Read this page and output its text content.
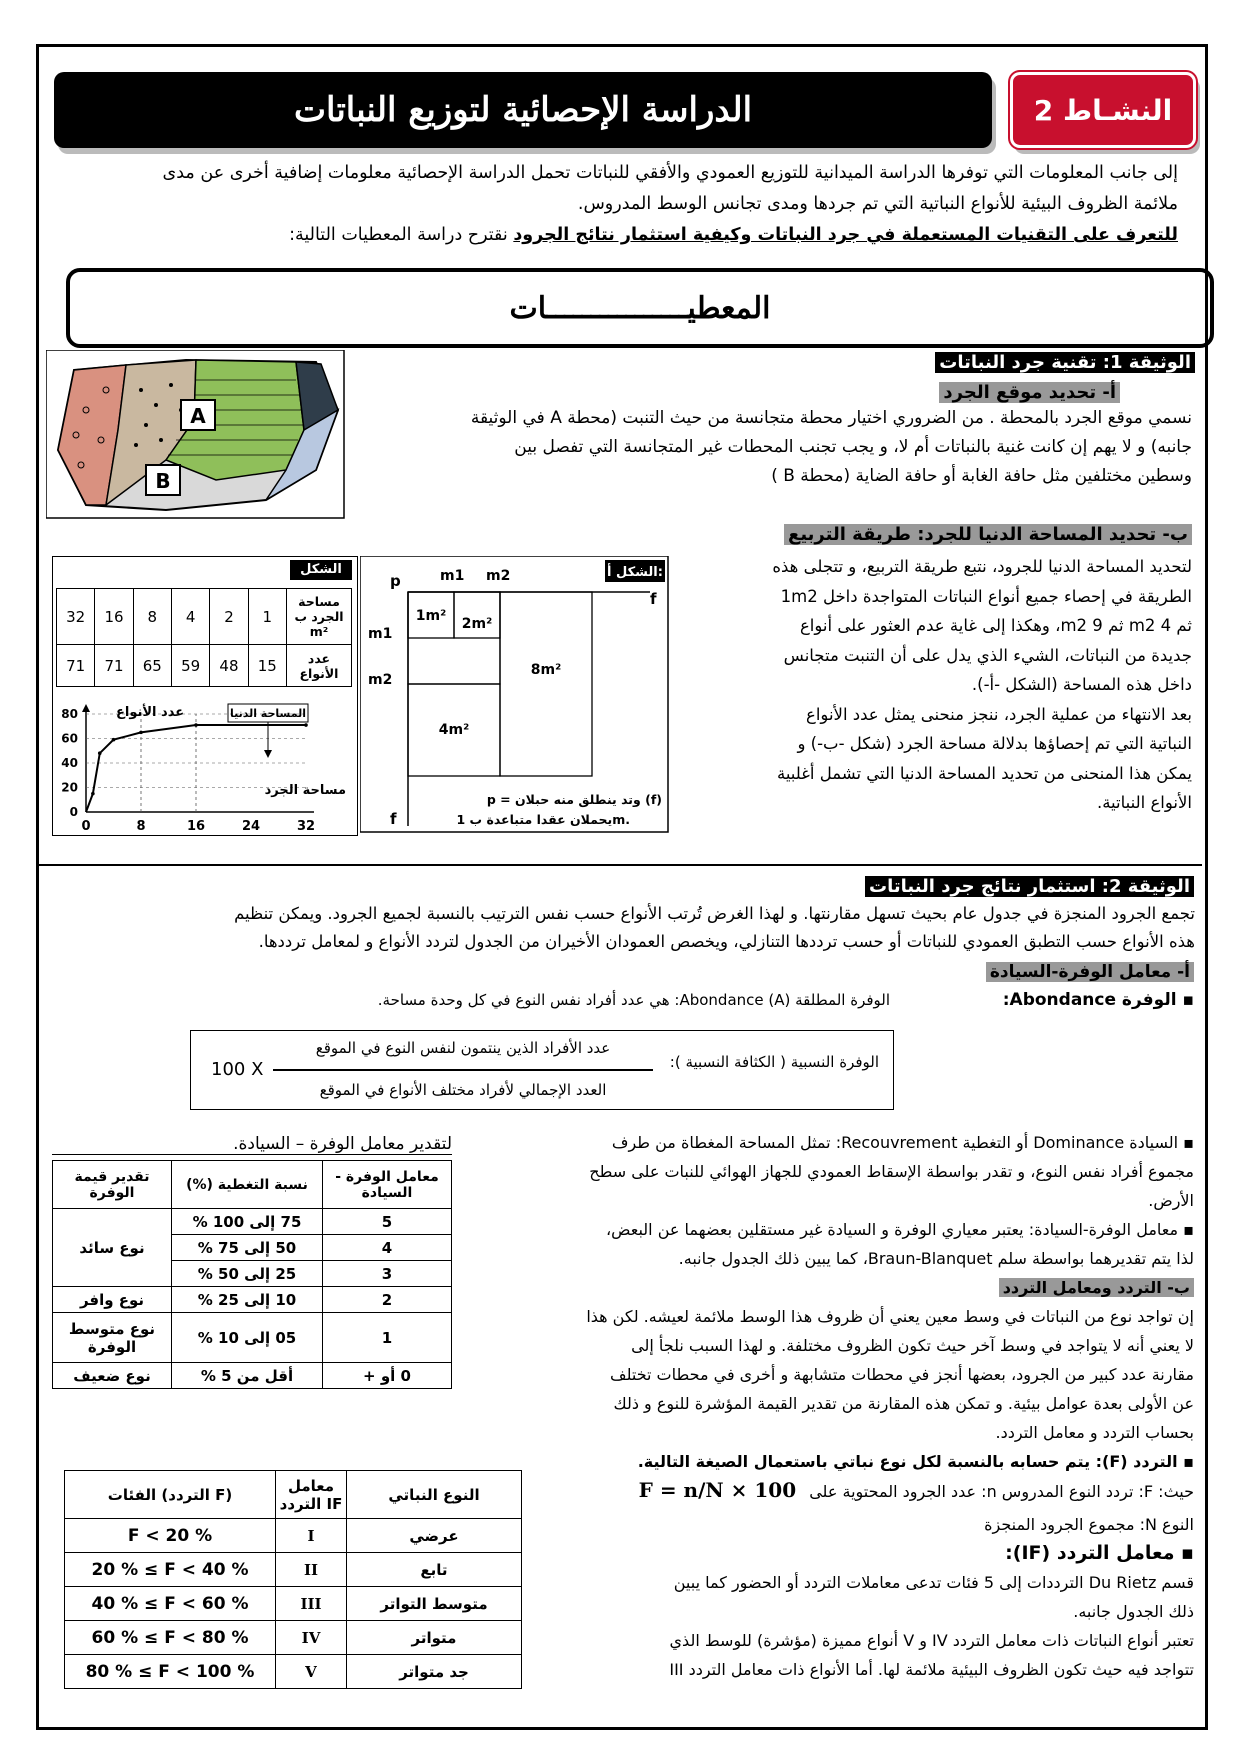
النشـاط 2
الدراسة الإحصائية لتوزيع النباتات
إلى جانب المعلومات التي توفرها الدراسة الميدانية للتوزيع العمودي والأفقي للنباتات تحمل الدراسة الإحصائية معلومات إضافية أخرى عن مدى
ملائمة الظروف البيئية للأنواع النباتية التي تم جردها ومدى تجانس الوسط المدروس.
للتعرف على التقنيات المستعملة في جرد النباتات وكيفية استثمار نتائج الجرود نقترح دراسة المعطيات التالية:
المعطيــــــــــــــــات
الوثيقة 1: تقنية جرد النباتات
أ- تحديد موقع الجرد
A
B
نسمي موقع الجرد بالمحطة . من الضروري اختيار محطة متجانسة من حيث التنبت (محطة A في الوثيقة
جانبه) و لا يهم إن كانت غنية بالنباتات أم لا، و يجب تجنب المحطات غير المتجانسة التي تفصل بين
وسطين مختلفين مثل حافة الغابة أو حافة الضاية (محطة B )
ب- تحديد المساحة الدنيا للجرد: طريقة التربيع
لتحديد المساحة الدنيا للجرود، نتبع طريقة التربيع، و تتجلى هذه
الطريقة في إحصاء جميع أنواع النباتات المتواجدة داخل 1m2
ثم 4 m2 ثم m2 9، وهكذا إلى غاية عدم العثور على أنواع
جديدة من النباتات، الشيء الذي يدل على أن التنبت متجانس
داخل هذه المساحة (الشكل -أ-).
بعد الانتهاء من عملية الجرد، ننجز منحنى يمثل عدد الأنواع
النباتية التي تم إحصاؤها بدلالة مساحة الجرد (شكل -ب-) و
يمكن هذا المنحنى من تحديد المساحة الدنيا التي تشمل أغلبية
الأنواع النباتية.
الشكل أ:
p
f
f
m1 m2
m1
m2
1m² 2m²
4m²
8m²
p = وتد ينطلق منه حبلان (f)
يحملان عقدا متباعدة ب 1m.
الشكل ب:
32	16	8	4	2	1	مساحة الجرد ب m²
71	71	65	59	48	15	عدد الأنواع
0	8	16	24	32
0
20
40
60
80	عدد الأنواع	المساحة الدنيا
مساحة الجرد
الوثيقة 2: استثمار نتائج جرد النباتات
تجمع الجرود المنجزة في جدول عام بحيث تسهل مقارنتها. و لهذا الغرض تُرتب الأنواع حسب نفس الترتيب بالنسبة لجميع الجرود. ويمكن تنظيم
هذه الأنواع حسب التطبق العمودي للنباتات أو حسب ترددها التنازلي، ويخصص العمودان الأخيران من الجدول لتردد الأنواع و لمعامل ترددها.
أ- معامل الوفرة-السيادة
▪ الوفرة Abondance:
الوفرة المطلقة Abondance (A): هي عدد أفراد نفس النوع في كل وحدة مساحة.
الوفرة النسبية ( الكثافة النسبية ):
عدد الأفراد الذين ينتمون لنفس النوع في الموقع
العدد الإجمالي لأفراد مختلف الأنواع في الموقع
100 X
▪ السيادة Dominance أو التغطية Recouvrement: تمثل المساحة المغطاة من طرف
مجموع أفراد نفس النوع، و تقدر بواسطة الإسقاط العمودي للجهاز الهوائي للنبات على سطح
الأرض.
▪ معامل الوفرة-السيادة: يعتبر معياري الوفرة و السيادة غير مستقلين بعضهما عن البعض،
لذا يتم تقديرهما بواسطة سلم Braun-Blanquet، كما يبين ذلك الجدول جانبه.
ب- التردد ومعامل التردد
إن تواجد نوع من النباتات في وسط معين يعني أن ظروف هذا الوسط ملائمة لعيشه. لكن هذا
لا يعني أنه لا يتواجد في وسط آخر حيث تكون الظروف مختلفة. و لهذا السبب نلجأ إلى
مقارنة عدد كبير من الجرود، بعضها أنجز في محطات متشابهة و أخرى في محطات تختلف
عن الأولى بعدة عوامل بيئية. و تمكن هذه المقارنة من تقدير القيمة المؤشرة للنوع و ذلك
بحساب التردد و معامل التردد.
▪ التردد (F): يتم حسابه بالنسبة لكل نوع نباتي باستعمال الصيغة التالية.
حيث: F: تردد النوع المدروس n: عدد الجرود المحتوية على F = n/N × 100
النوع N: مجموع الجرود المنجزة
▪ معامل التردد (IF):
قسم Du Rietz الترددات إلى 5 فئات تدعى معاملات التردد أو الحضور كما يبين
ذلك الجدول جانبه.
تعتبر أنواع النباتات ذات معامل التردد IV و V أنواع مميزة (مؤشرة) للوسط الذي
تتواجد فيه حيث تكون الظروف البيئية ملائمة لها. أما الأنواع ذات معامل التردد III
لتقدير معامل الوفرة – السيادة.
معامل الوفرة - السيادة	نسبة التغطية (%)	تقدير قيمة الوفرة
5	75 إلى 100 %	نوع سائد
4	50 إلى 75 %	
3	25 إلى 50 %	
2	10 إلى 25 %	نوع وافر
1	05 إلى 10 %	نوع متوسط الوفرة
0 أو +	أقل من 5 %	نوع ضعيف
الفئات (التردد F)	معامل التردد IF	النوع النباتي
F < 20 %	I	عرضي
20 % ≤ F < 40 %	II	تابع
40 % ≤ F < 60 %	III	متوسط التواتر
60 % ≤ F < 80 %	IV	متواتر
80 % ≤ F < 100 %	V	جد متواتر
